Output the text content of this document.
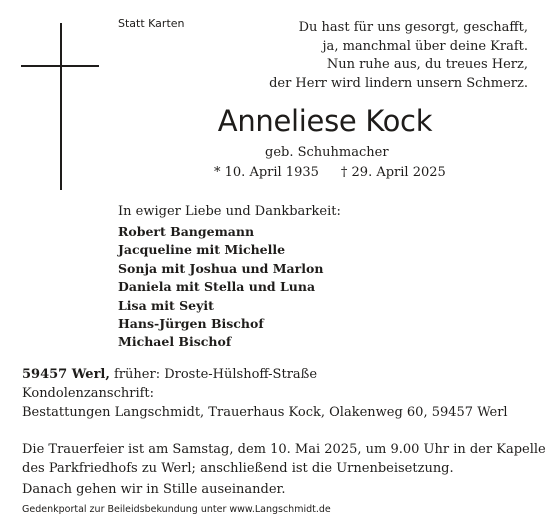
Statt Karten	Du hast für uns gesorgt, geschafft,
ja, manchmal über deine Kraft.
Nun ruhe aus, du treues Herz,
der Herr wird lindern unsern Schmerz.
Anneliese Kock
geb. Schuhmacher
* 10. April 1935 † 29. April 2025
In ewiger Liebe und Dankbarkeit:
Robert Bangemann
Jacqueline mit Michelle
Sonja mit Joshua und Marlon
Daniela mit Stella und Luna
Lisa mit Seyit
Hans-Jürgen Bischof
Michael Bischof
59457 Werl, früher: Droste-Hülshoff-Straße
Kondolenzanschrift:
Bestattungen Langschmidt, Trauerhaus Kock, Olakenweg 60, 59457 Werl
Die Trauerfeier ist am Samstag, dem 10. Mai 2025, um 9.00 Uhr in der Kapelle
des Parkfriedhofs zu Werl; anschließend ist die Urnenbeisetzung.
Danach gehen wir in Stille auseinander.
Gedenkportal zur Beileidsbekundung unter www.Langschmidt.de
